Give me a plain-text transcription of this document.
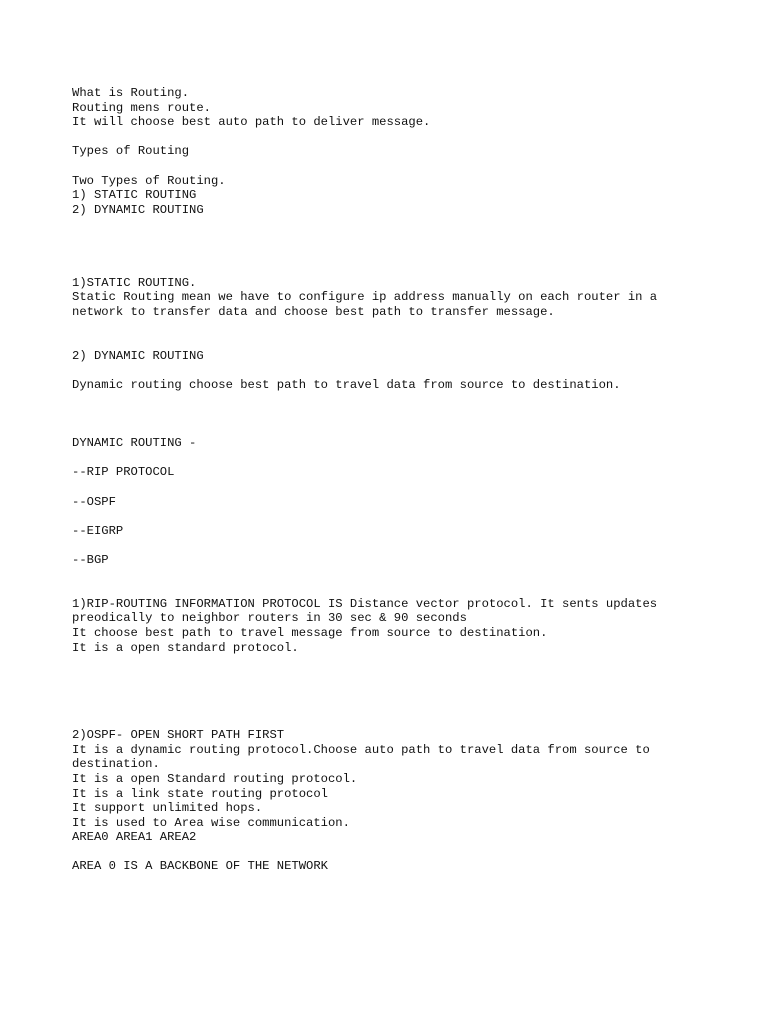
What is Routing.
Routing mens route.
It will choose best auto path to deliver message.
Types of Routing
Two Types of Routing.
1) STATIC ROUTING
2) DYNAMIC ROUTING
1)STATIC ROUTING.
Static Routing mean we have to configure ip address manually on each router in a
network to transfer data and choose best path to transfer message.
2) DYNAMIC ROUTING
Dynamic routing choose best path to travel data from source to destination.
DYNAMIC ROUTING -
--RIP PROTOCOL
--OSPF
--EIGRP
--BGP
1)RIP-ROUTING INFORMATION PROTOCOL IS Distance vector protocol. It sents updates
preodically to neighbor routers in 30 sec & 90 seconds
It choose best path to travel message from source to destination.
It is a open standard protocol.
2)OSPF- OPEN SHORT PATH FIRST
It is a dynamic routing protocol.Choose auto path to travel data from source to
destination.
It is a open Standard routing protocol.
It is a link state routing protocol
It support unlimited hops.
It is used to Area wise communication.
AREA0 AREA1 AREA2
AREA 0 IS A BACKBONE OF THE NETWORK
